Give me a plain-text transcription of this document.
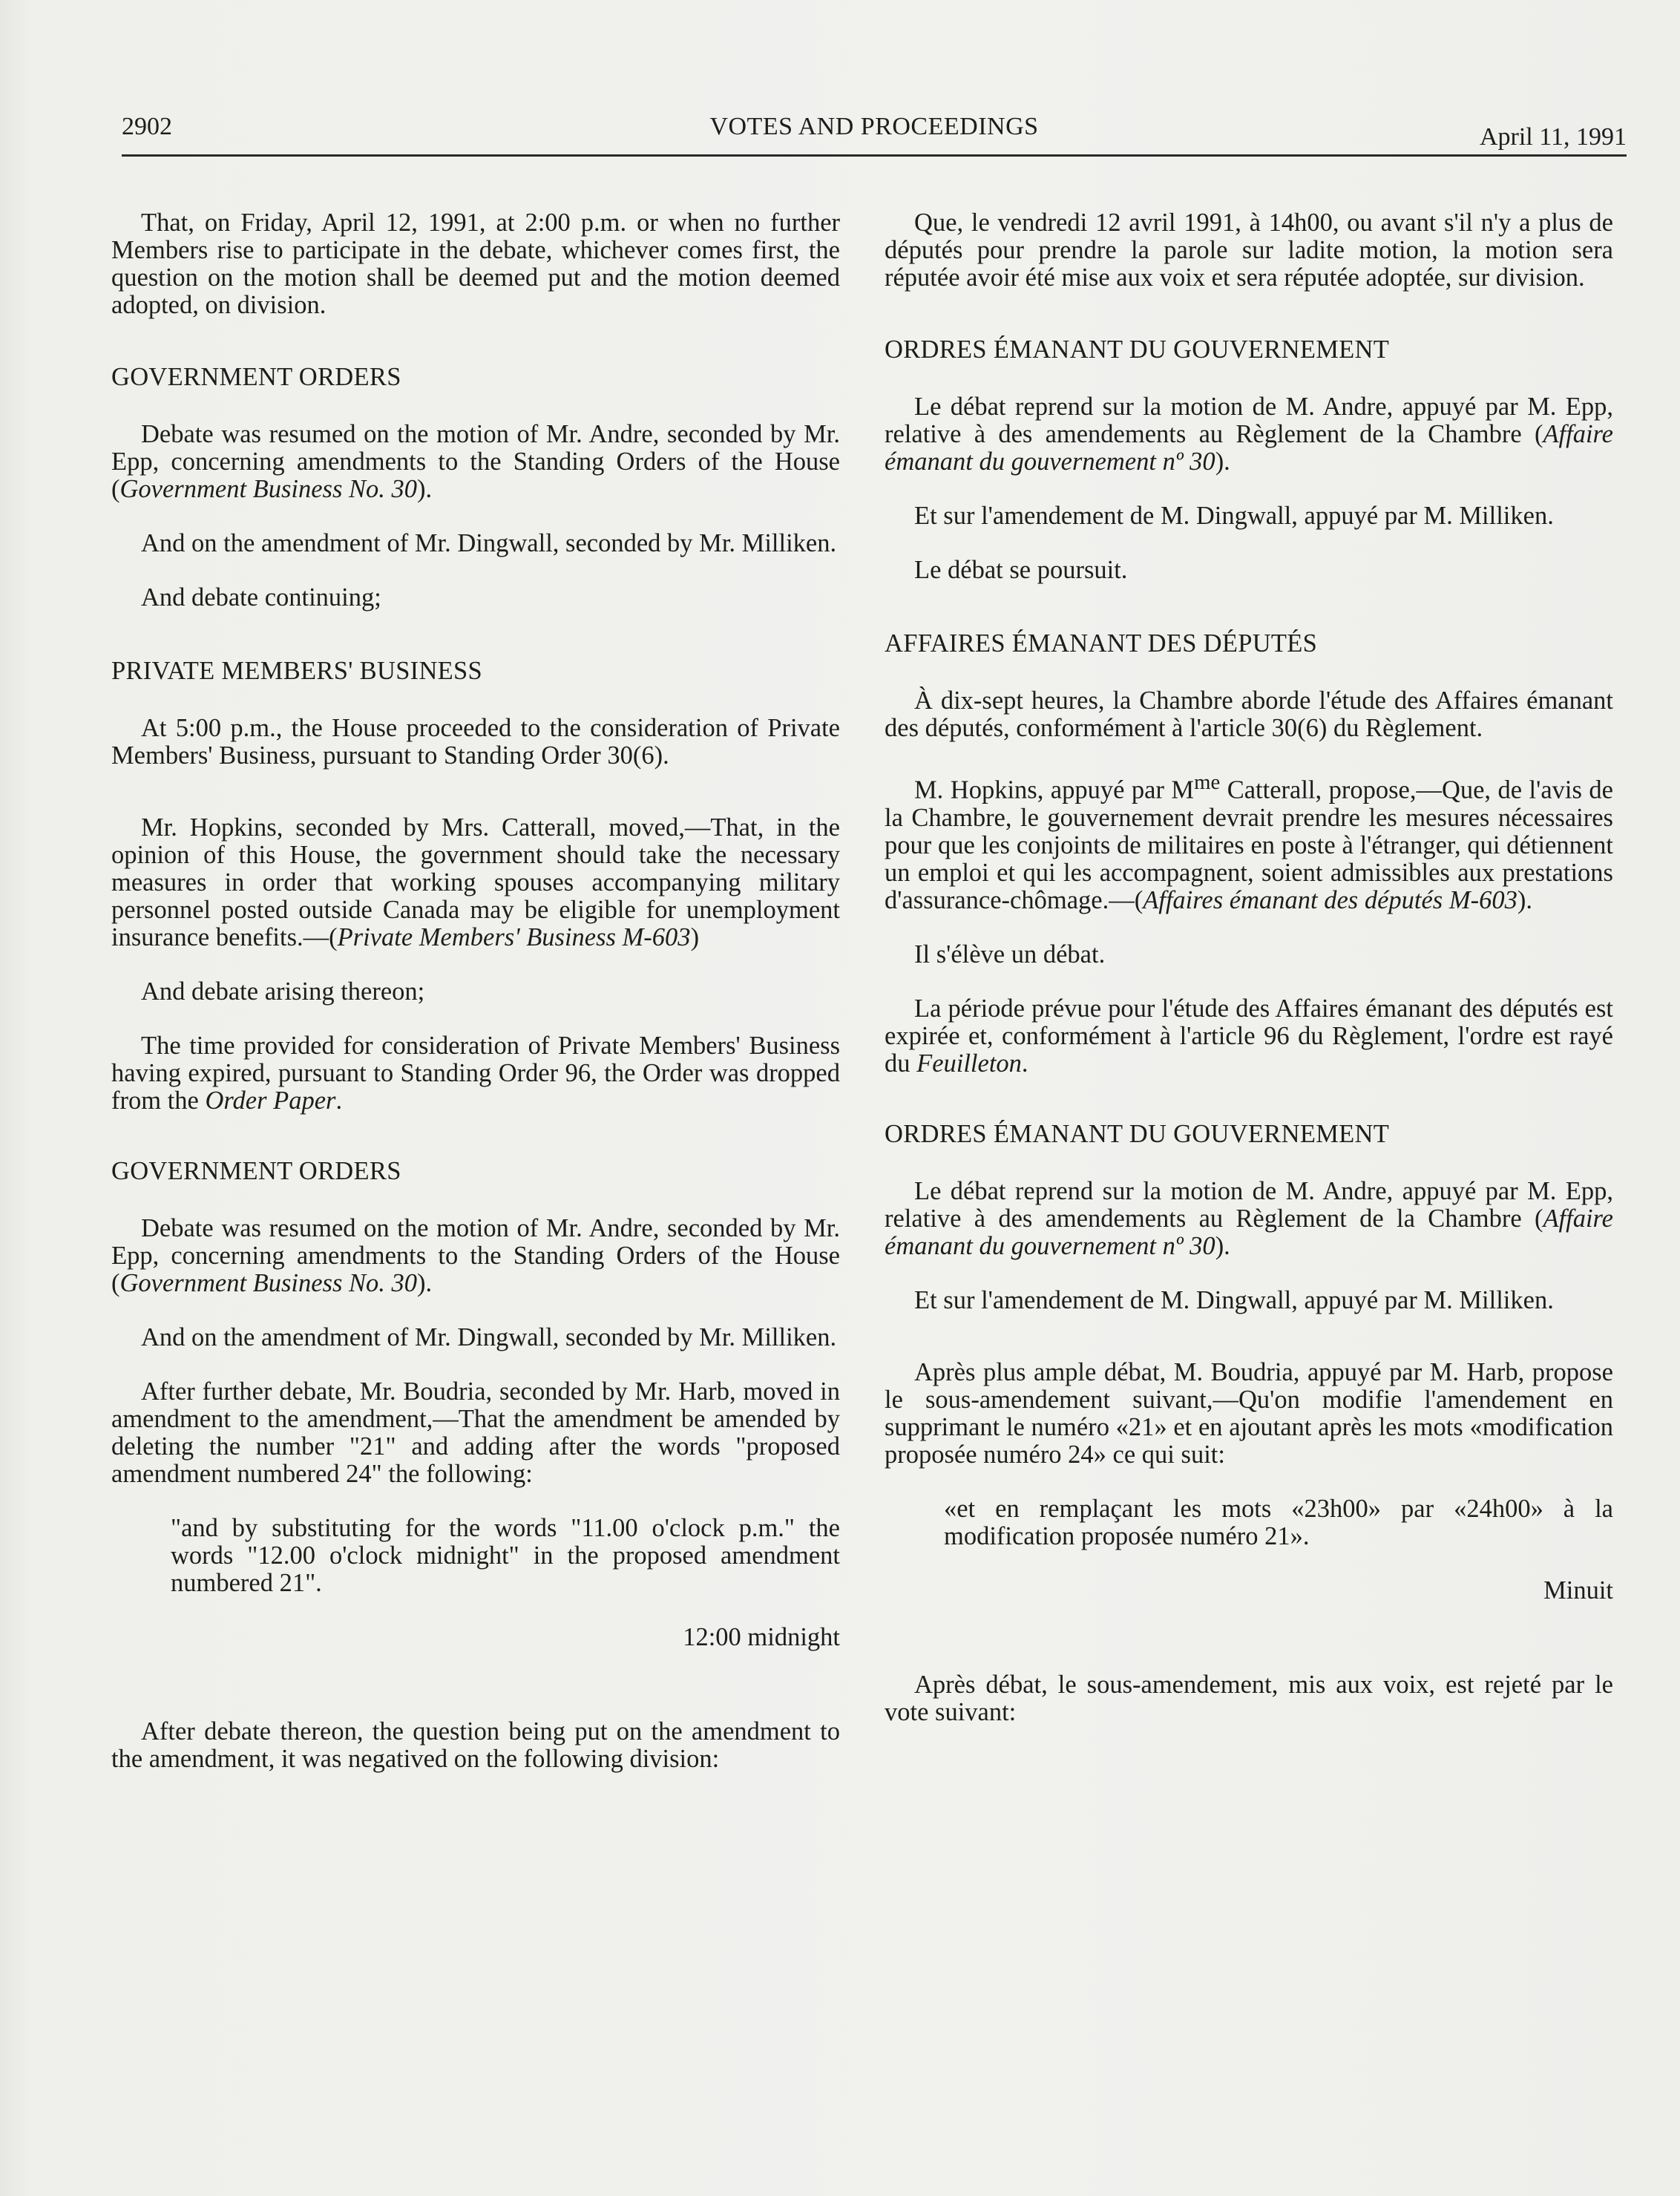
2902	VOTES AND PROCEEDINGS	April 11, 1991

That, on Friday, April 12, 1991, at 2:00 p.m. or when no further Members rise to participate in the debate, whichever comes first, the question on the motion shall be deemed put and the motion deemed adopted, on division.

GOVERNMENT ORDERS

Debate was resumed on the motion of Mr. Andre, seconded by Mr. Epp, concerning amendments to the Standing Orders of the House (Government Business No. 30).

And on the amendment of Mr. Dingwall, seconded by Mr. Milliken.

And debate continuing;

PRIVATE MEMBERS' BUSINESS

At 5:00 p.m., the House proceeded to the consideration of Private Members' Business, pursuant to Standing Order 30(6).

Mr. Hopkins, seconded by Mrs. Catterall, moved,—That, in the opinion of this House, the government should take the necessary measures in order that working spouses accompanying military personnel posted outside Canada may be eligible for unemployment insurance benefits.—(Private Members' Business M-603)

And debate arising thereon;

The time provided for consideration of Private Members' Business having expired, pursuant to Standing Order 96, the Order was dropped from the Order Paper.

GOVERNMENT ORDERS

Debate was resumed on the motion of Mr. Andre, seconded by Mr. Epp, concerning amendments to the Standing Orders of the House (Government Business No. 30).

And on the amendment of Mr. Dingwall, seconded by Mr. Milliken.

After further debate, Mr. Boudria, seconded by Mr. Harb, moved in amendment to the amendment,—That the amendment be amended by deleting the number "21" and adding after the words "proposed amendment numbered 24" the following:

"and by substituting for the words "11.00 o'clock p.m." the words "12.00 o'clock midnight" in the proposed amendment numbered 21".

12:00 midnight

After debate thereon, the question being put on the amendment to the amendment, it was negatived on the following division:

Que, le vendredi 12 avril 1991, à 14h00, ou avant s'il n'y a plus de députés pour prendre la parole sur ladite motion, la motion sera réputée avoir été mise aux voix et sera réputée adoptée, sur division.

ORDRES ÉMANANT DU GOUVERNEMENT

Le débat reprend sur la motion de M. Andre, appuyé par M. Epp, relative à des amendements au Règlement de la Chambre (Affaire émanant du gouvernement nº 30).

Et sur l'amendement de M. Dingwall, appuyé par M. Milliken.

Le débat se poursuit.

AFFAIRES ÉMANANT DES DÉPUTÉS

À dix-sept heures, la Chambre aborde l'étude des Affaires émanant des députés, conformément à l'article 30(6) du Règlement.

M. Hopkins, appuyé par $M^{me}$ Catterall, propose,—Que, de l'avis de la Chambre, le gouvernement devrait prendre les mesures nécessaires pour que les conjoints de militaires en poste à l'étranger, qui détiennent un emploi et qui les accompagnent, soient admissibles aux prestations d'assurance-chômage.—(Affaires émanant des députés M-603).

Il s'élève un débat.

La période prévue pour l'étude des Affaires émanant des députés est expirée et, conformément à l'article 96 du Règlement, l'ordre est rayé du Feuilleton.

ORDRES ÉMANANT DU GOUVERNEMENT

Le débat reprend sur la motion de M. Andre, appuyé par M. Epp, relative à des amendements au Règlement de la Chambre (Affaire émanant du gouvernement nº 30).

Et sur l'amendement de M. Dingwall, appuyé par M. Milliken.

Après plus ample débat, M. Boudria, appuyé par M. Harb, propose le sous-amendement suivant,—Qu'on modifie l'amendement en supprimant le numéro «21» et en ajoutant après les mots «modification proposée numéro 24» ce qui suit:

«et en remplaçant les mots «23h00» par «24h00» à la modification proposée numéro 21».

Minuit

Après débat, le sous-amendement, mis aux voix, est rejeté par le vote suivant:
